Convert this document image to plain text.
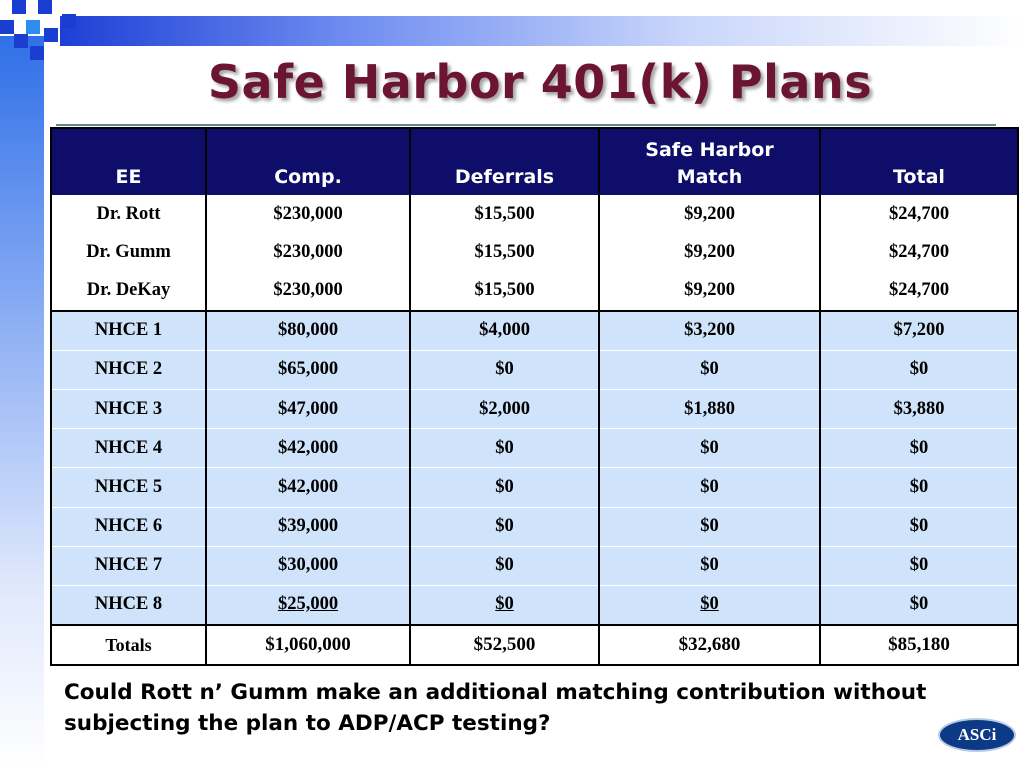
Safe Harbor 401(k) Plans
EE	Comp.	Deferrals	Safe Harbor Match	Total
Dr. Rott	$230,000	$15,500	$9,200	$24,700
Dr. Gumm	$230,000	$15,500	$9,200	$24,700
Dr. DeKay	$230,000	$15,500	$9,200	$24,700
NHCE 1	$80,000	$4,000	$3,200	$7,200
NHCE 2	$65,000	$0	$0	$0
NHCE 3	$47,000	$2,000	$1,880	$3,880
NHCE 4	$42,000	$0	$0	$0
NHCE 5	$42,000	$0	$0	$0
NHCE 6	$39,000	$0	$0	$0
NHCE 7	$30,000	$0	$0	$0
NHCE 8	$25,000	$0	$0	$0
Totals	$1,060,000	$52,500	$32,680	$85,180

Could Rott n’ Gumm make an additional matching contribution without subjecting the plan to ADP/ACP testing?	ASCi
